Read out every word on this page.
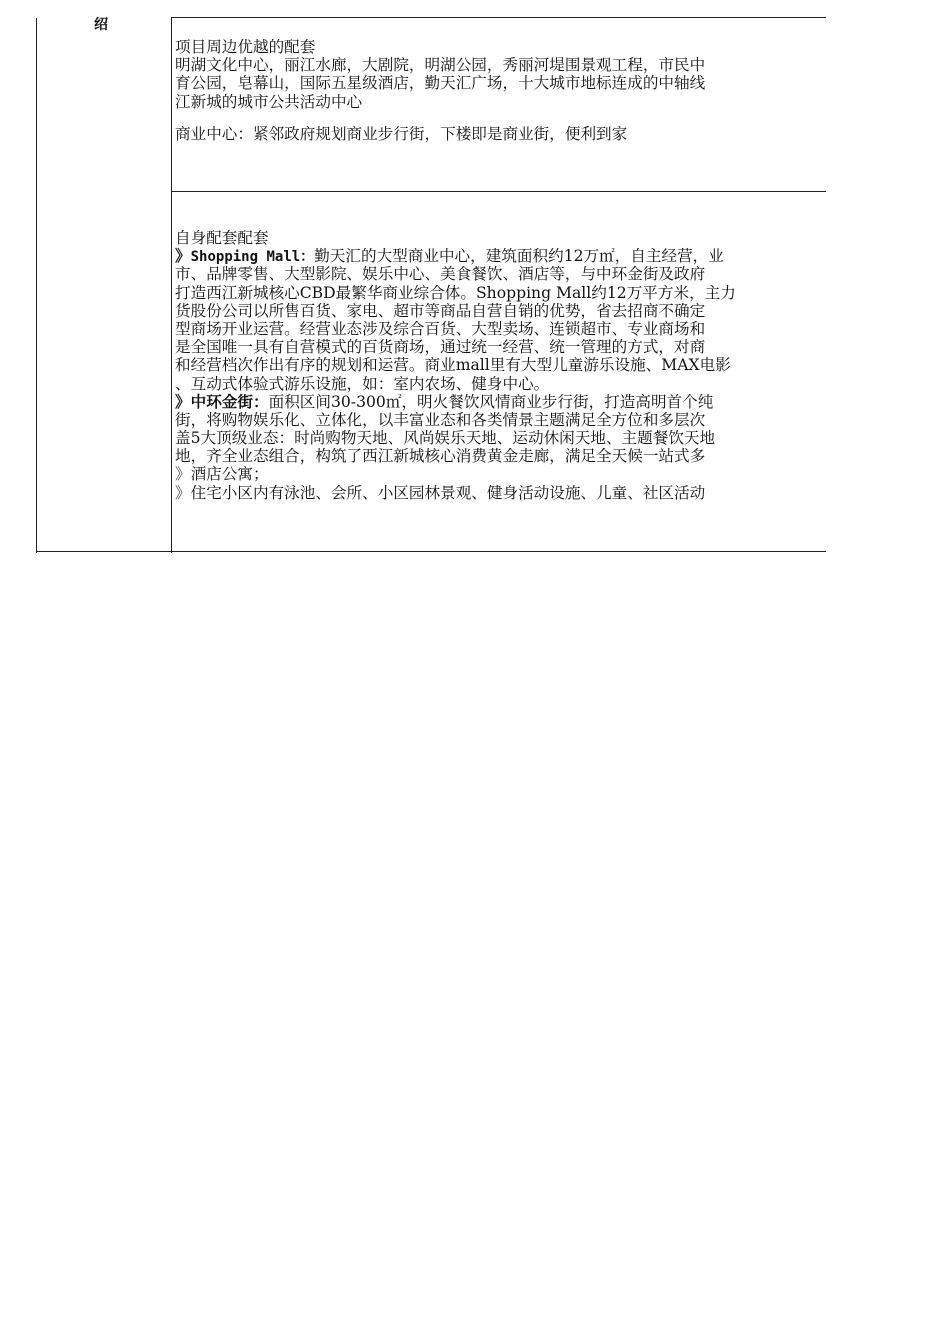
绍

项目周边优越的配套

明湖文化中心，丽江水廊，大剧院，明湖公园，秀丽河堤围景观工程，市民中

育公园，皂幕山，国际五星级酒店，勤天汇广场，十大城市地标连成的中轴线

江新城的城市公共活动中心

商业中心：紧邻政府规划商业步行街，下楼即是商业街，便利到家

自身配套配套

》Shopping Mall：勤天汇的大型商业中心，建筑面积约12万㎡，自主经营，业

市、品牌零售、大型影院、娱乐中心、美食餐饮、酒店等，与中环金街及政府

打造西江新城核心CBD最繁华商业综合体。Shopping Mall约12万平方米，主力

货股份公司以所售百货、家电、超市等商品自营自销的优势，省去招商不确定

型商场开业运营。经营业态涉及综合百货、大型卖场、连锁超市、专业商场和

是全国唯一具有自营模式的百货商场，通过统一经营、统一管理的方式，对商

和经营档次作出有序的规划和运营。商业mall里有大型儿童游乐设施、MAX电影

、互动式体验式游乐设施，如：室内农场、健身中心。

》中环金街：面积区间30-300㎡，明火餐饮风情商业步行街，打造高明首个纯

街，将购物娱乐化、立体化，以丰富业态和各类情景主题满足全方位和多层次

盖5大顶级业态：时尚购物天地、风尚娱乐天地、运动休闲天地、主题餐饮天地

地，齐全业态组合，构筑了西江新城核心消费黄金走廊，满足全天候一站式多

》酒店公寓；

》住宅小区内有泳池、会所、小区园林景观、健身活动设施、儿童、社区活动
